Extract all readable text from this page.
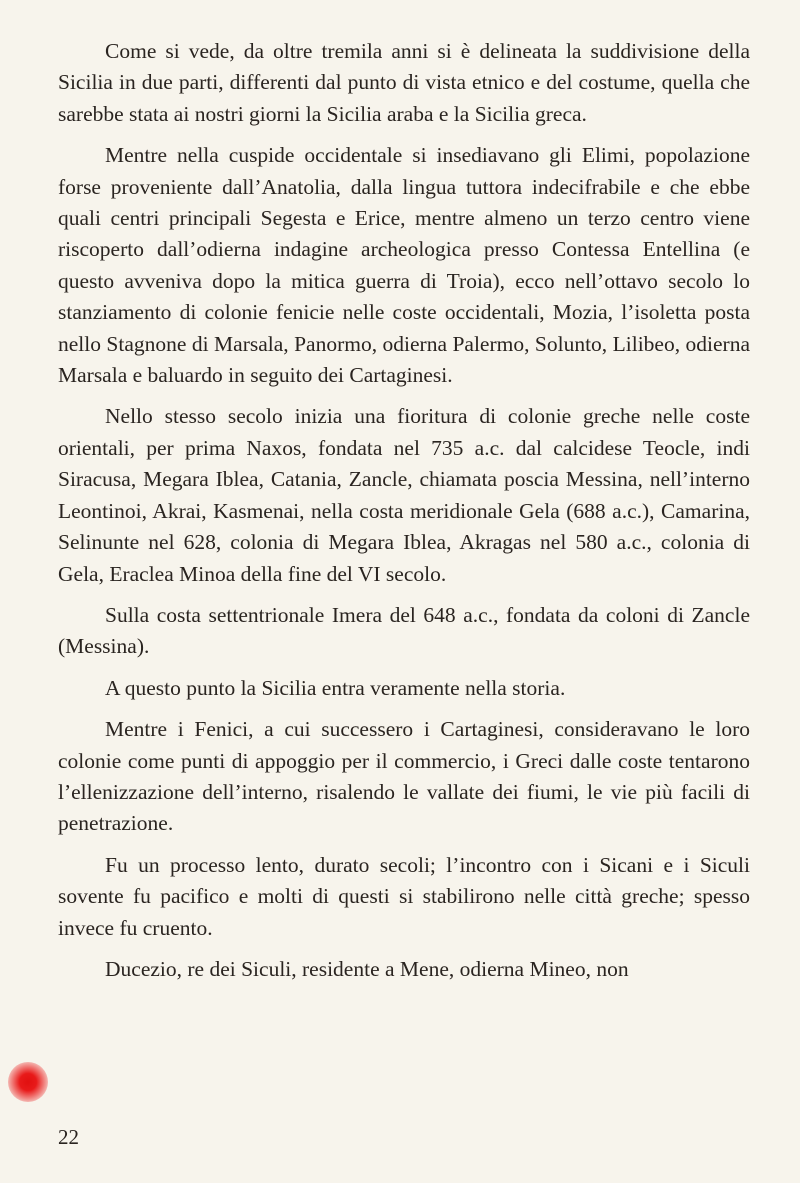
Come si vede, da oltre tremila anni si è delineata la suddivisione della Sicilia in due parti, differenti dal punto di vista etnico e del costume, quella che sarebbe stata ai nostri giorni la Sicilia araba e la Sicilia greca.

Mentre nella cuspide occidentale si insediavano gli Elimi, popolazione forse proveniente dall’Anatolia, dalla lingua tuttora indecifrabile e che ebbe quali centri principali Segesta e Erice, mentre almeno un terzo centro viene riscoperto dall’odierna indagine archeologica presso Contessa Entellina (e questo avveniva dopo la mitica guerra di Troia), ecco nell’ottavo secolo lo stanziamento di colonie fenicie nelle coste occidentali, Mozia, l’isoletta posta nello Stagnone di Marsala, Panormo, odierna Palermo, Solunto, Lilibeo, odierna Marsala e baluardo in seguito dei Cartaginesi.

Nello stesso secolo inizia una fioritura di colonie greche nelle coste orientali, per prima Naxos, fondata nel 735 a.c. dal calcidese Teocle, indi Siracusa, Megara Iblea, Catania, Zancle, chiamata poscia Messina, nell’interno Leontinoi, Akrai, Kasmenai, nella costa meridionale Gela (688 a.c.), Camarina, Selinunte nel 628, colonia di Megara Iblea, Akragas nel 580 a.c., colonia di Gela, Eraclea Minoa della fine del VI secolo.

Sulla costa settentrionale Imera del 648 a.c., fondata da coloni di Zancle (Messina).

A questo punto la Sicilia entra veramente nella storia.

Mentre i Fenici, a cui successero i Cartaginesi, consideravano le loro colonie come punti di appoggio per il commercio, i Greci dalle coste tentarono l’ellenizzazione dell’interno, risalendo le vallate dei fiumi, le vie più facili di penetrazione.

Fu un processo lento, durato secoli; l’incontro con i Sicani e i Siculi sovente fu pacifico e molti di questi si stabilirono nelle città greche; spesso invece fu cruento.

Ducezio, re dei Siculi, residente a Mene, odierna Mineo, non

22
